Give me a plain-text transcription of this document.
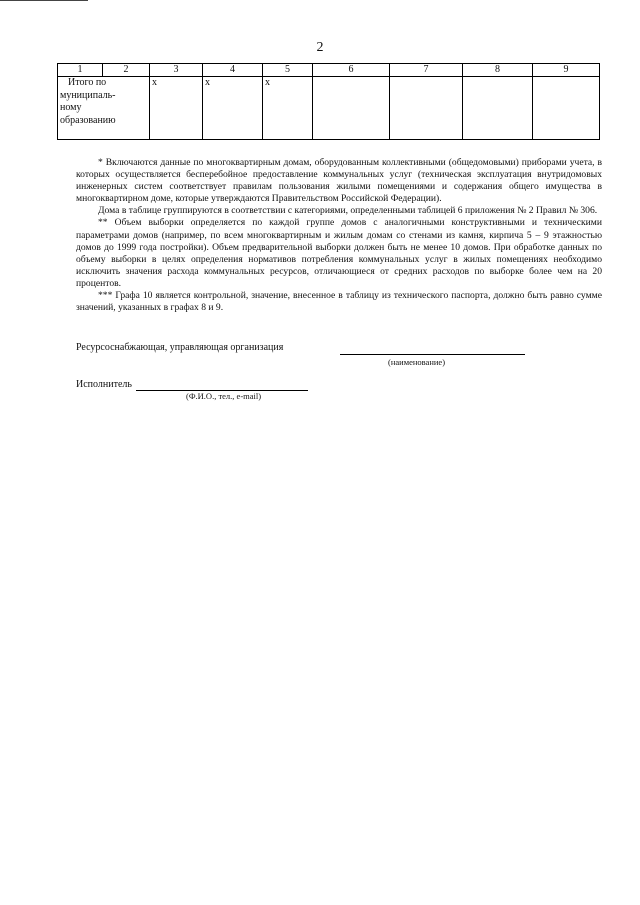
2
1	2	3	4	5	6	7	8	9

Итого по
муниципаль-
ному
образованию		х	х	х				

* Включаются данные по многоквартирным домам, оборудованным коллективными (общедомовыми) приборами учета, в которых осуществляется бесперебойное предоставление коммунальных услуг (техническая эксплуатация внутридомовых инженерных систем соответствует правилам пользования жилыми помещениями и содержания общего имущества в многоквартирном доме, которые утверждаются Правительством Российской Федерации).

Дома в таблице группируются в соответствии с категориями, определенными таблицей 6 приложения № 2 Правил № 306.

** Объем выборки определяется по каждой группе домов с аналогичными конструктивными и техническими параметрами домов (например, по всем многоквартирным и жилым домам со стенами из камня, кирпича 5 – 9 этажностью домов до 1999 года постройки). Объем предварительной выборки должен быть не менее 10 домов. При обработке данных по объему выборки в целях определения нормативов потребления коммунальных услуг в жилых помещениях необходимо исключить значения расхода коммунальных ресурсов, отличающиеся от средних расходов по выборке более чем на 20 процентов.

*** Графа 10 является контрольной, значение, внесенное в таблицу из технического паспорта, должно быть равно сумме значений, указанных в графах 8 и 9.

Ресурсоснабжающая, управляющая организация
(наименование)
Исполнитель
(Ф.И.О., тел., e-mail)
